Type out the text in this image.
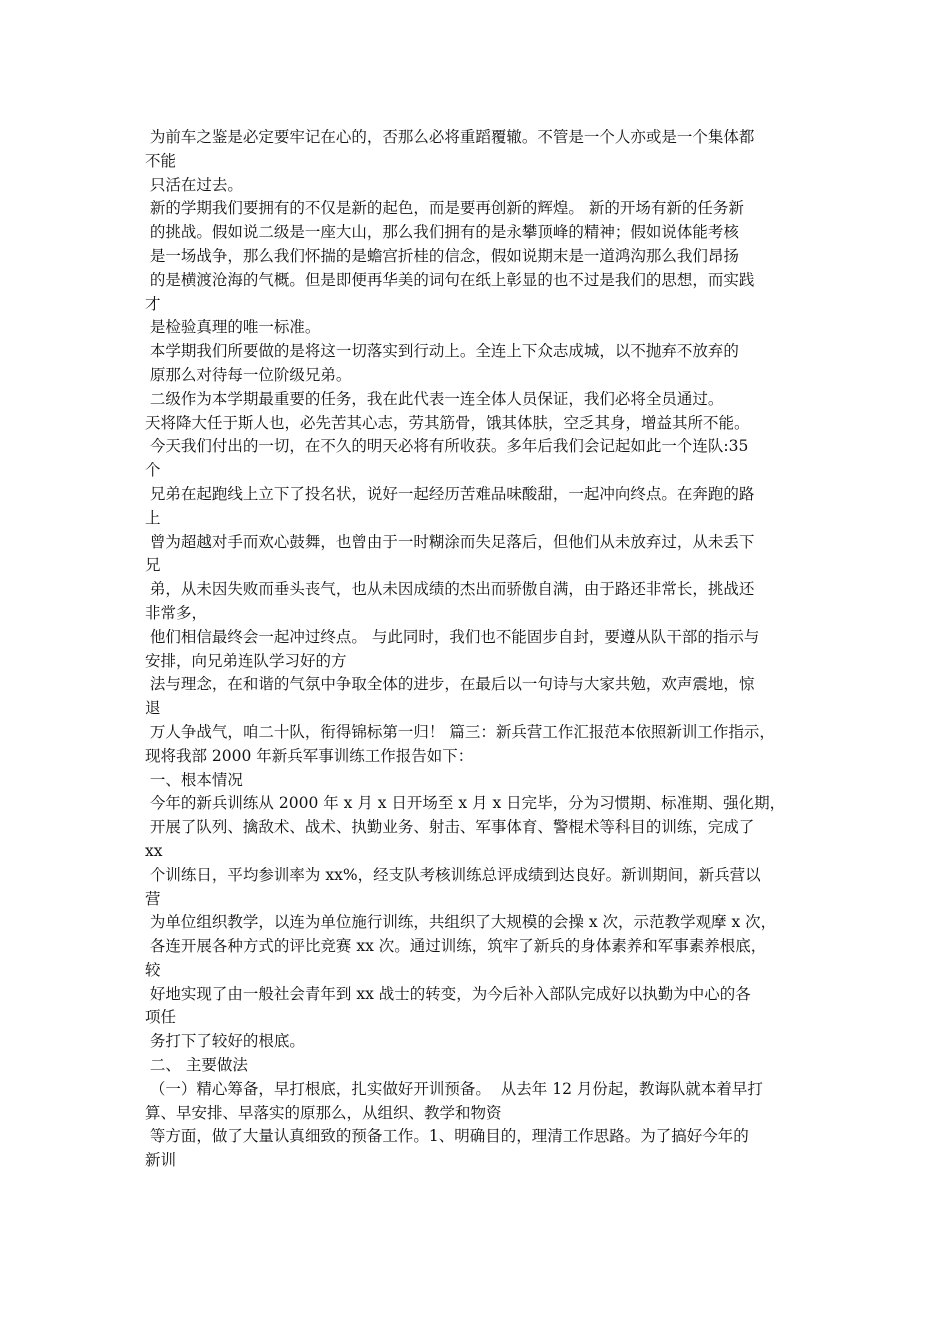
为前车之鉴是必定要牢记在心的，否那么必将重蹈覆辙。不管是一个人亦或是一个集体都
不能
只活在过去。
新的学期我们要拥有的不仅是新的起色，而是要再创新的辉煌。 新的开场有新的任务新
的挑战。假如说二级是一座大山，那么我们拥有的是永攀顶峰的精神；假如说体能考核
是一场战争，那么我们怀揣的是蟾宫折桂的信念，假如说期末是一道鸿沟那么我们昂扬
的是横渡沧海的气概。但是即便再华美的词句在纸上彰显的也不过是我们的思想，而实践
才
是检验真理的唯一标准。
本学期我们所要做的是将这一切落实到行动上。全连上下众志成城，以不抛弃不放弃的
原那么对待每一位阶级兄弟。
二级作为本学期最重要的任务，我在此代表一连全体人员保证，我们必将全员通过。
天将降大任于斯人也，必先苦其心志，劳其筋骨，饿其体肤，空乏其身，增益其所不能。
今天我们付出的一切，在不久的明天必将有所收获。多年后我们会记起如此一个连队:35
个
兄弟在起跑线上立下了投名状，说好一起经历苦难品味酸甜，一起冲向终点。在奔跑的路
上
曾为超越对手而欢心鼓舞，也曾由于一时糊涂而失足落后，但他们从未放弃过，从未丢下
兄
弟，从未因失败而垂头丧气，也从未因成绩的杰出而骄傲自满，由于路还非常长，挑战还
非常多，
他们相信最终会一起冲过终点。 与此同时，我们也不能固步自封，要遵从队干部的指示与
安排，向兄弟连队学习好的方
法与理念，在和谐的气氛中争取全体的进步，在最后以一句诗与大家共勉，欢声震地，惊
退
万人争战气，咱二十队，衔得锦标第一归！ 篇三：新兵营工作汇报范本依照新训工作指示，
现将我部 2000 年新兵军事训练工作报告如下：
一、根本情况
今年的新兵训练从 2000 年 x 月 x 日开场至 x 月 x 日完毕，分为习惯期、标准期、强化期，
开展了队列、擒敌术、战术、执勤业务、射击、军事体育、警棍术等科目的训练，完成了
xx
个训练日，平均参训率为 xx%，经支队考核训练总评成绩到达良好。新训期间，新兵营以
营
为单位组织教学，以连为单位施行训练，共组织了大规模的会操 x 次，示范教学观摩 x 次，
各连开展各种方式的评比竞赛 xx 次。通过训练，筑牢了新兵的身体素养和军事素养根底，
较
好地实现了由一般社会青年到 xx 战士的转变，为今后补入部队完成好以执勤为中心的各
项任
务打下了较好的根底。
二、 主要做法
（一）精心筹备，早打根底，扎实做好开训预备。  从去年 12 月份起，教诲队就本着早打
算、早安排、早落实的原那么，从组织、教学和物资
等方面，做了大量认真细致的预备工作。1、明确目的，理清工作思路。为了搞好今年的
新训
